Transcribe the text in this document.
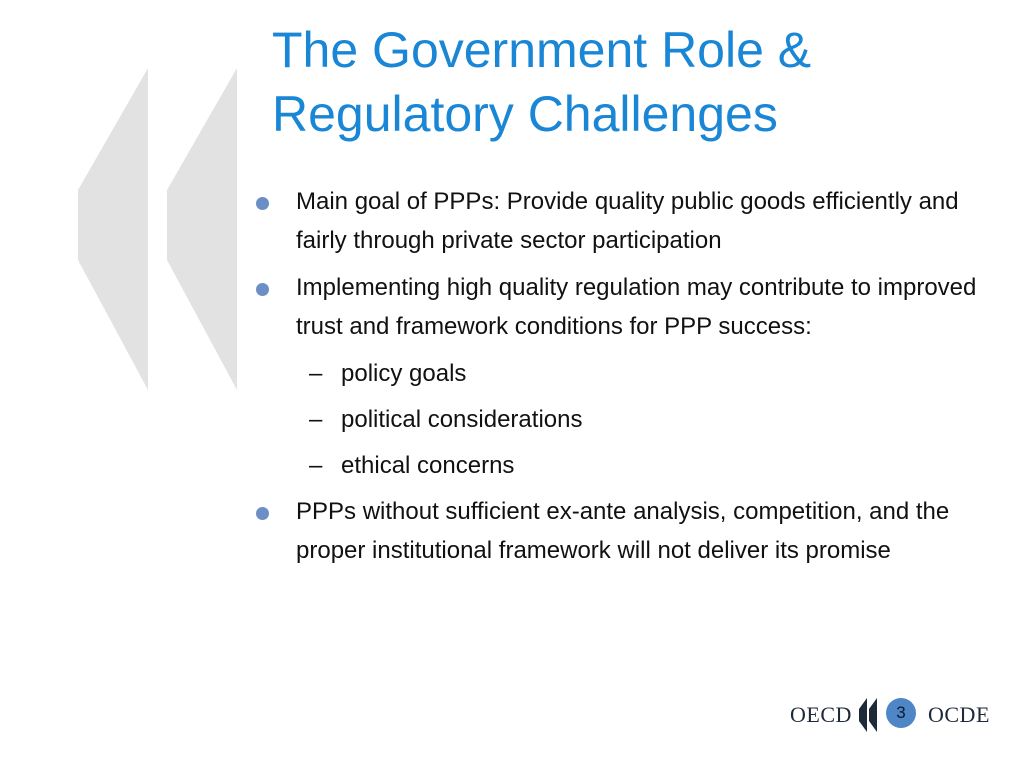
The Government Role &
Regulatory Challenges
Main goal of PPPs: Provide quality public goods efficiently and fairly through private sector participation
Implementing high quality regulation may contribute to improved trust and framework conditions for PPP success:
– policy goals
– political considerations
– ethical concerns
PPPs without sufficient ex-ante analysis, competition, and the proper institutional framework will not deliver its promise
OECD	3	OCDE
